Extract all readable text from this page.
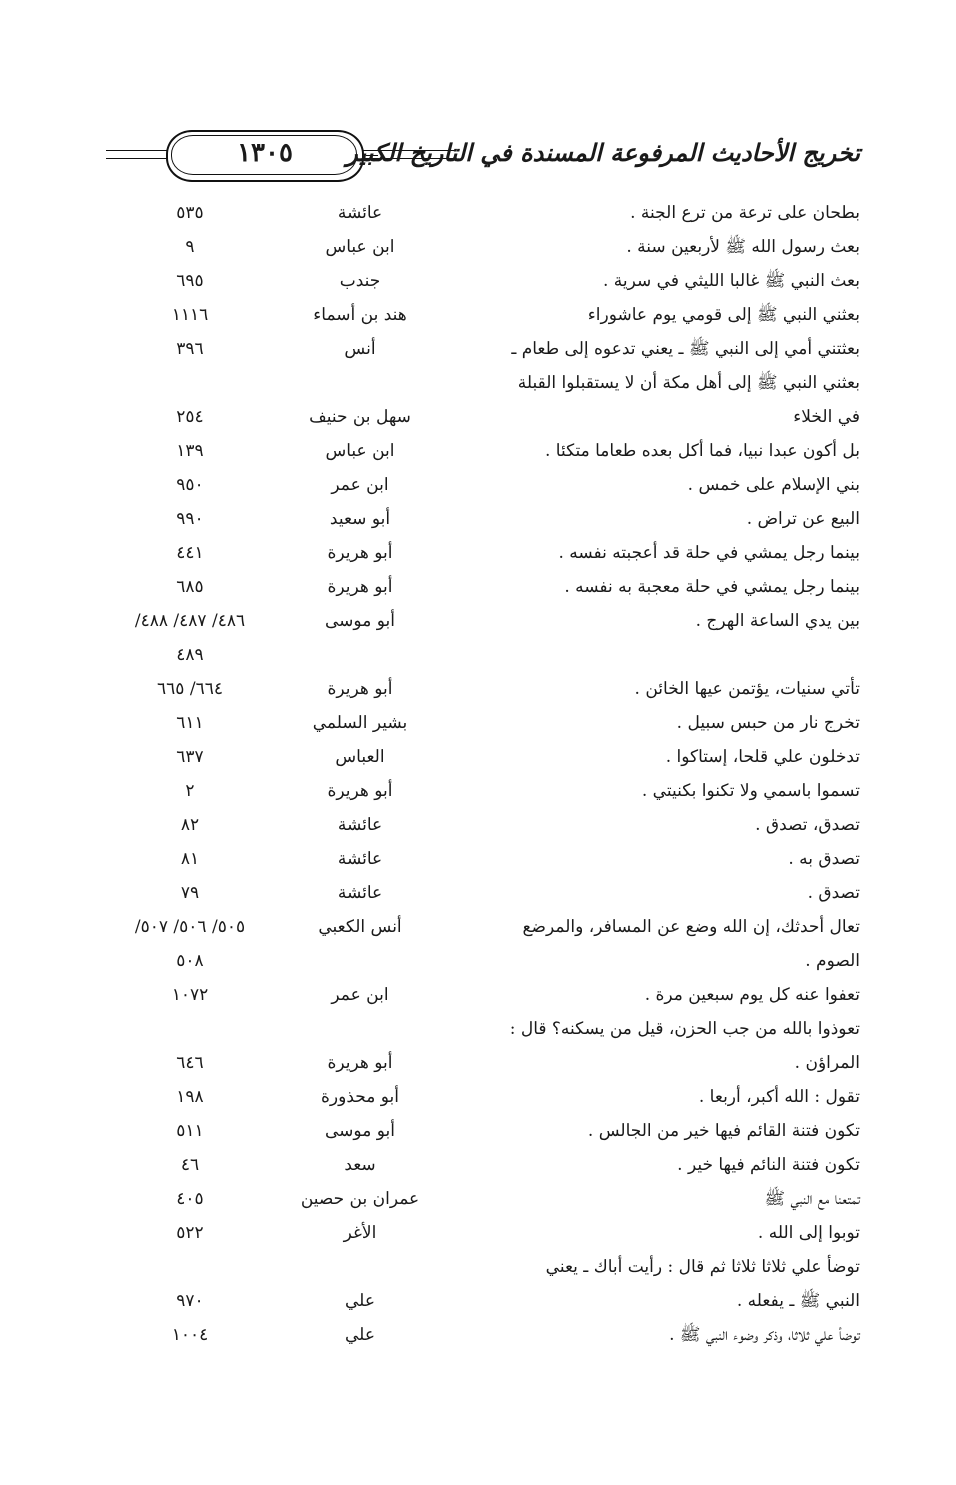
١٣٠٥	تخريج الأحاديث المرفوعة المسندة في التاريخ الكبير
بطحان على ترعة من ترع الجنة .
عائشة
٥٣٥
بعث رسول الله ﷺ لأربعين سنة .
ابن عباس
٩
بعث النبي ﷺ غالبا الليثي في سرية .
جندب
٦٩٥
بعثني النبي ﷺ إلى قومي يوم عاشوراء
هند بن أسماء
١١١٦
بعثتني أمي إلى النبي ﷺ ـ يعني تدعوه إلى طعام ـ
أنس
٣٩٦
بعثني النبي ﷺ إلى أهل مكة أن لا يستقبلوا القبلة
في الخلاء
سهل بن حنيف
٢٥٤
بل أكون عبدا نبيا، فما أكل بعده طعاما متكئا .
ابن عباس
١٣٩
بني الإسلام على خمس .
ابن عمر
٩٥٠
البيع عن تراض .
أبو سعيد
٩٩٠
بينما رجل يمشي في حلة قد أعجبته نفسه .
أبو هريرة
٤٤١
بينما رجل يمشي في حلة معجبة به نفسه .
أبو هريرة
٦٨٥
بين يدي الساعة الهرج .
أبو موسى
٤٨٦/ ٤٨٧/ ٤٨٨/
٤٨٩
تأتي سنيات، يؤتمن عيها الخائن .
أبو هريرة
٦٦٤/ ٦٦٥
تخرج نار من حبس سبيل .
بشير السلمي
٦١١
تدخلون علي قلحا، إستاكوا .
العباس
٦٣٧
تسموا باسمي ولا تكنوا بكنيتي .
أبو هريرة
٢
تصدق، تصدق .
عائشة
٨٢
تصدق به .
عائشة
٨١
تصدق .
عائشة
٧٩
تعال أحدثك، إن الله وضع عن المسافر، والمرضع
أنس الكعبي
٥٠٥/ ٥٠٦/ ٥٠٧/
الصوم .
٥٠٨
تعفوا عنه كل يوم سبعين مرة .
ابن عمر
١٠٧٢
تعوذوا بالله من جب الحزن، قيل من يسكنه؟ قال :
المراؤن .
أبو هريرة
٦٤٦
تقول : الله أكبر، أربعا .
أبو محذورة
١٩٨
تكون فتنة القائم فيها خير من الجالس .
أبو موسى
٥١١
تكون فتنة النائم فيها خير .
سعد
٤٦
تمتعنا مع النبي ﷺ
عمران بن حصين
٤٠٥
توبوا إلى الله .
الأغر
٥٢٢
توضأ علي ثلاثا ثلاثا ثم قال : رأيت أباك ـ يعني
النبي ﷺ ـ يفعله .
علي
٩٧٠
توضأ علي ثلاثا، وذكر وضوء النبي ﷺ .
علي
١٠٠٤
